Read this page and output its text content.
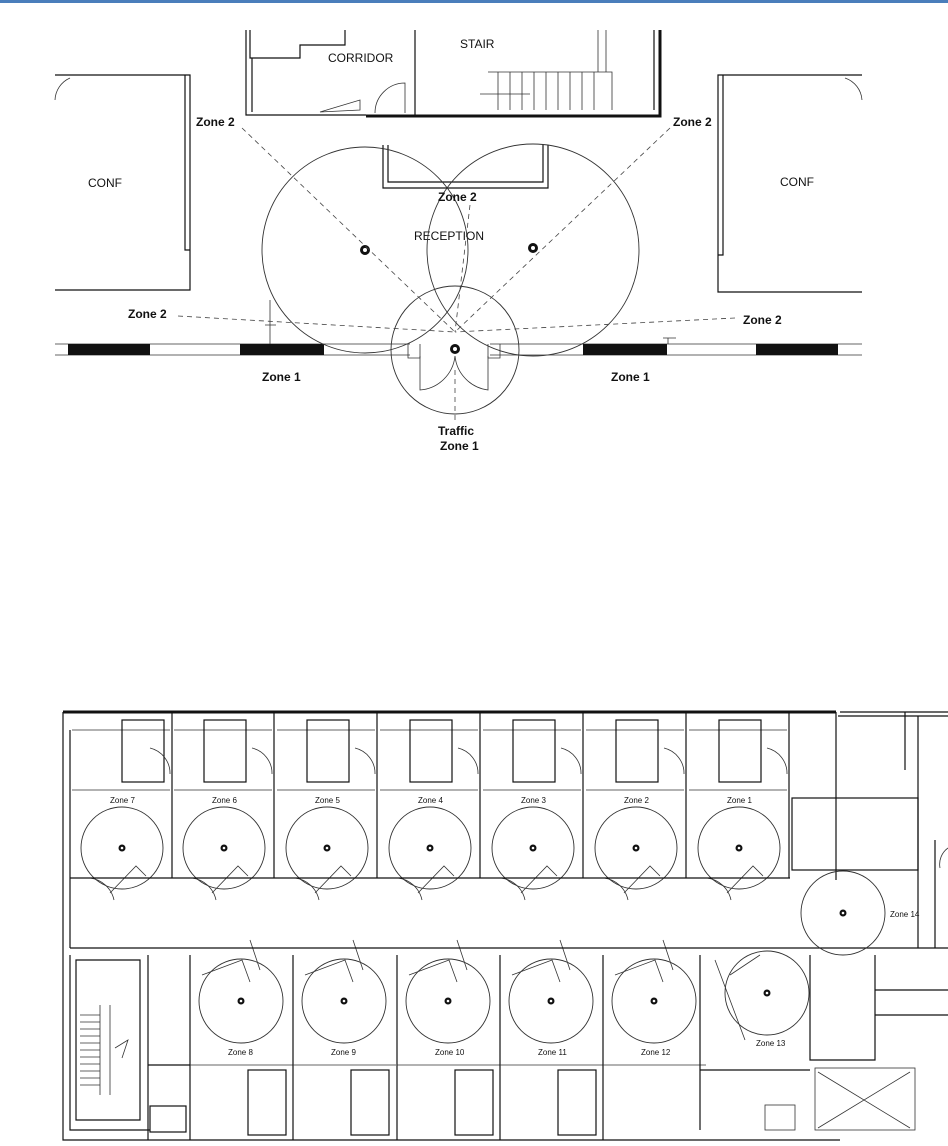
CORRIDOR
STAIR
CONF	CONF
RECEPTION
Zone 2	Zone 2
Zone 2
Zone 2	Zone 2
Zone 1	Zone 1
Traffic
Zone 1
Zone 7	Zone 6	Zone 5	Zone 4	Zone 3	Zone 2	Zone 1
Zone 8	Zone 9	Zone 10	Zone 11	Zone 12
Zone 14
Zone 13
